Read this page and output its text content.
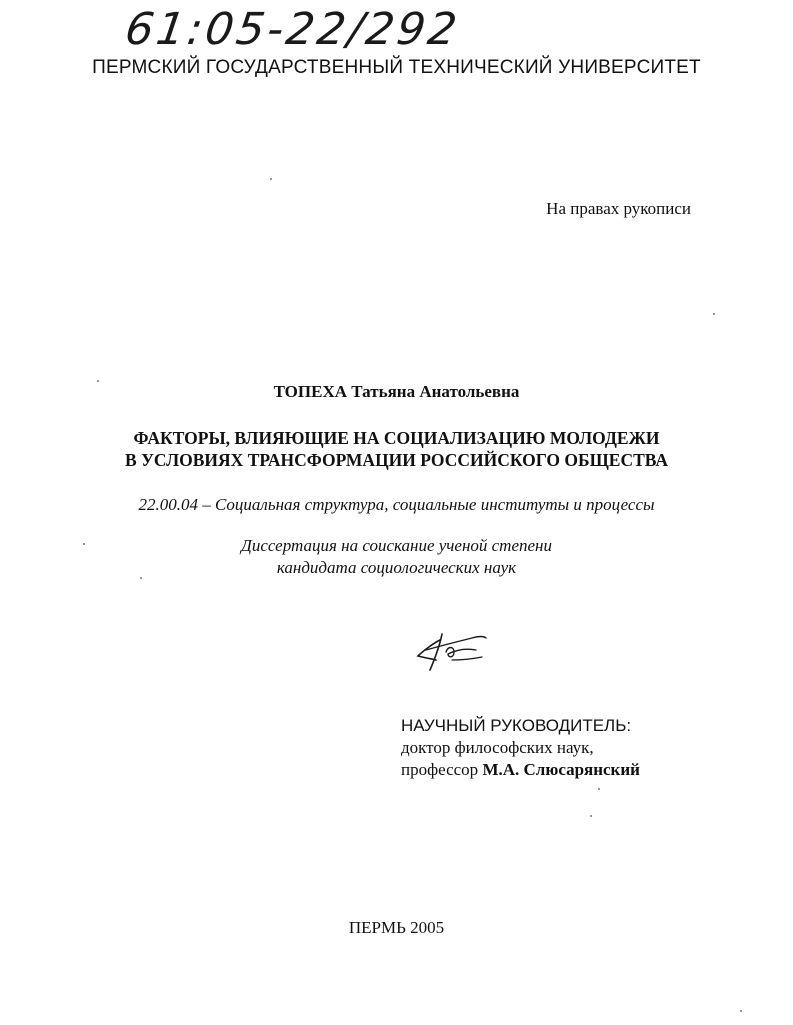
61:05-22/292
ПЕРМСКИЙ ГОСУДАРСТВЕННЫЙ ТЕХНИЧЕСКИЙ УНИВЕРСИТЕТ
На правах рукописи
ТОПЕХА Татьяна Анатольевна
ФАКТОРЫ, ВЛИЯЮЩИЕ НА СОЦИАЛИЗАЦИЮ МОЛОДЕЖИ
В УСЛОВИЯХ ТРАНСФОРМАЦИИ РОССИЙСКОГО ОБЩЕСТВА
22.00.04 – Социальная структура, социальные институты и процессы
Диссертация на соискание ученой степени
кандидата социологических наук
НАУЧНЫЙ РУКОВОДИТЕЛЬ:
доктор философских наук,
профессор М.А. Слюсарянский
ПЕРМЬ 2005
